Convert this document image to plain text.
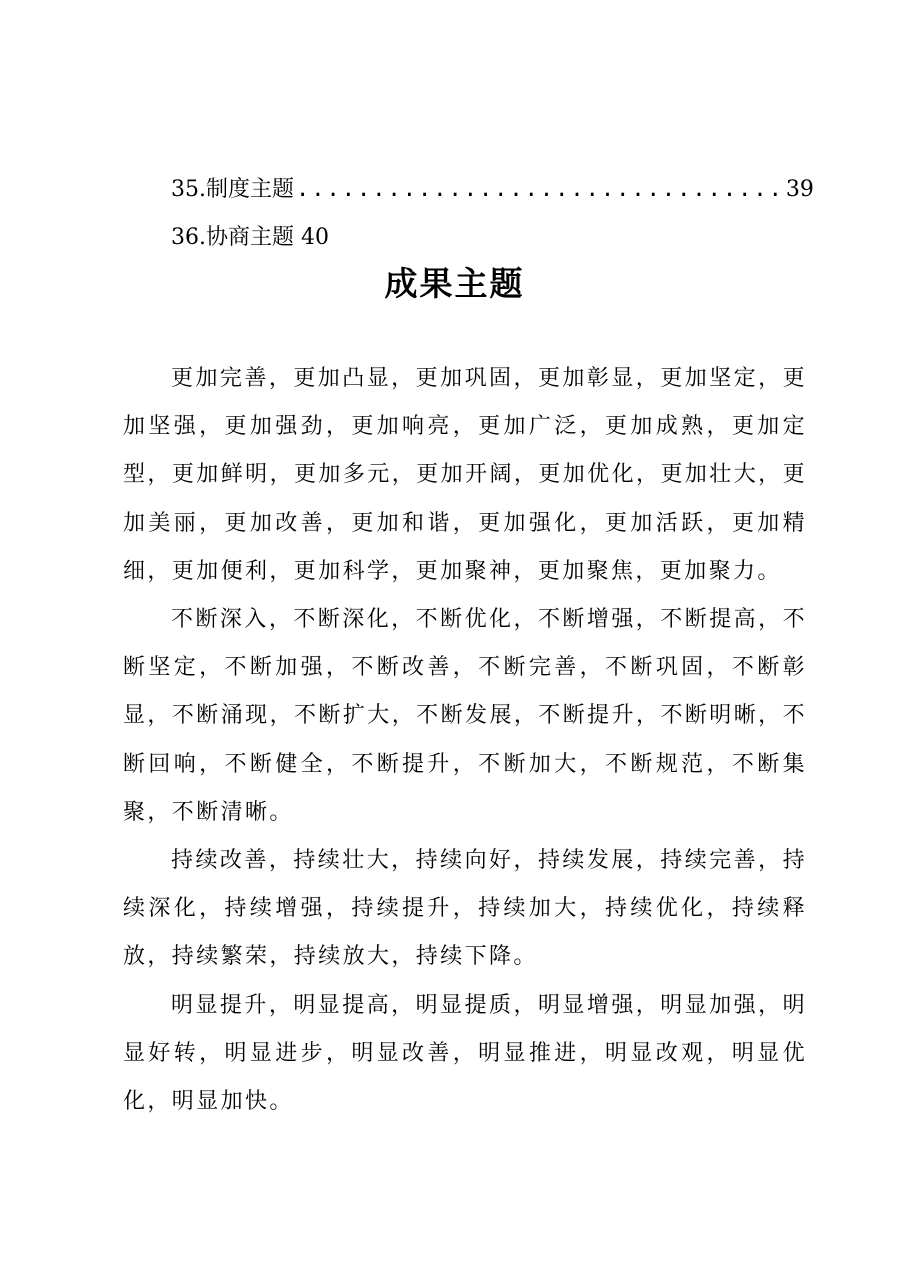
35.制度主题 ................................ 39
36.协商主题 40
成果主题

更加完善，更加凸显，更加巩固，更加彰显，更加坚定，更加坚强，更加强劲，更加响亮，更加广泛，更加成熟，更加定型，更加鲜明，更加多元，更加开阔，更加优化，更加壮大，更加美丽，更加改善，更加和谐，更加强化，更加活跃，更加精细，更加便利，更加科学，更加聚神，更加聚焦，更加聚力。

不断深入，不断深化，不断优化，不断增强，不断提高，不断坚定，不断加强，不断改善，不断完善，不断巩固，不断彰显，不断涌现，不断扩大，不断发展，不断提升，不断明晰，不断回响，不断健全，不断提升，不断加大，不断规范，不断集聚，不断清晰。

持续改善，持续壮大，持续向好，持续发展，持续完善，持续深化，持续增强，持续提升，持续加大，持续优化，持续释放，持续繁荣，持续放大，持续下降。

明显提升，明显提高，明显提质，明显增强，明显加强，明显好转，明显进步，明显改善，明显推进，明显改观，明显优化，明显加快。
